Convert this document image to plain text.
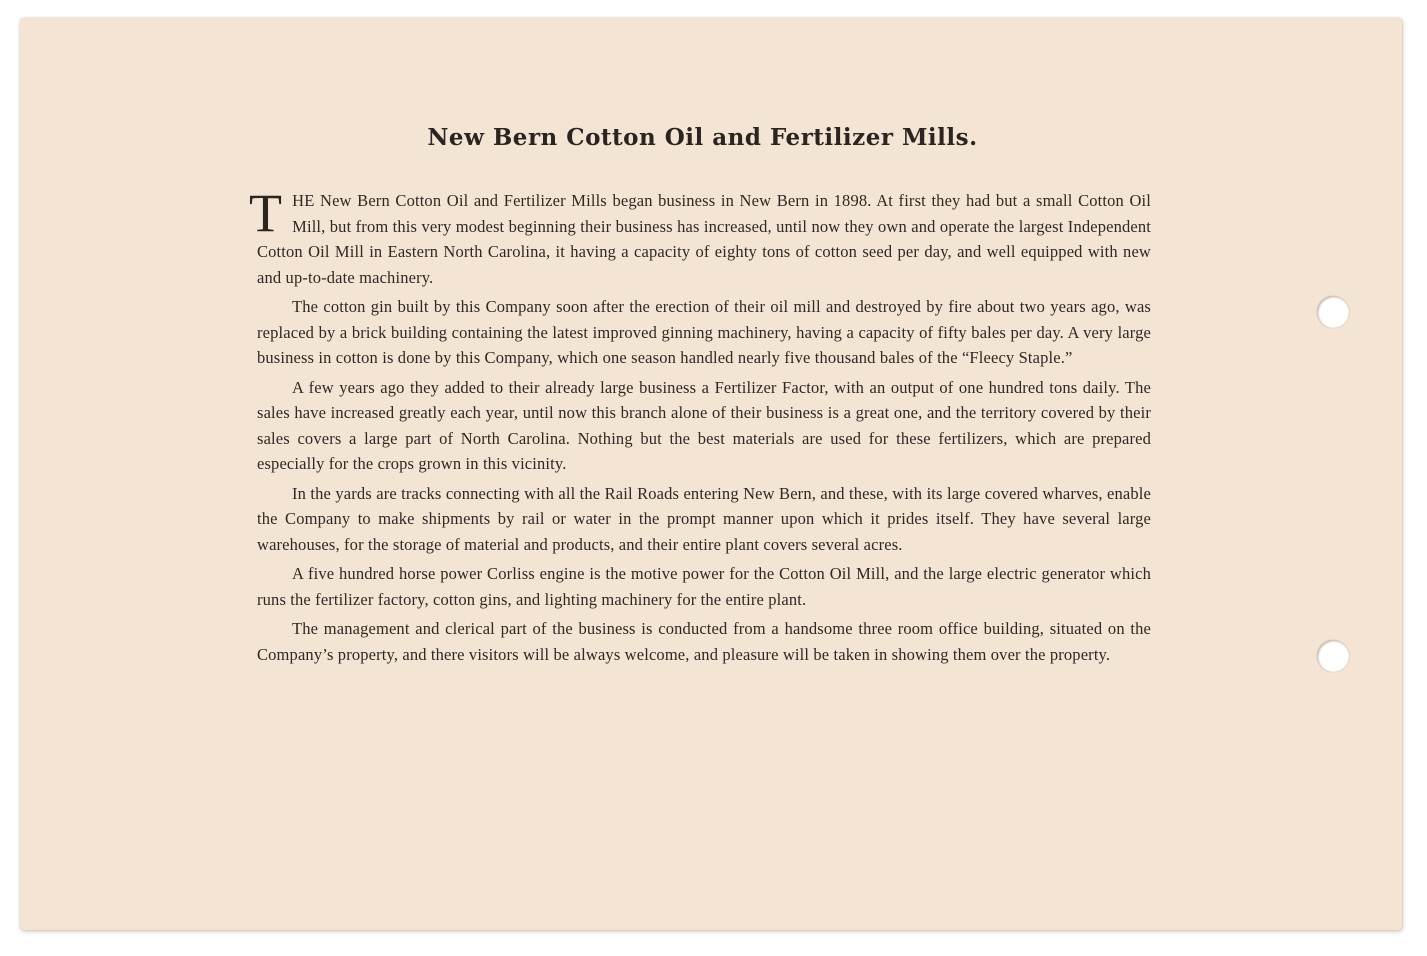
New Bern Cotton Oil and Fertilizer Mills.

THE New Bern Cotton Oil and Fertilizer Mills began business in New Bern in 1898. At first they had but a small Cotton Oil Mill, but from this very modest beginning their business has increased, until now they own and operate the largest Independent Cotton Oil Mill in Eastern North Carolina, it having a capacity of eighty tons of cotton seed per day, and well equipped with new and up-to-date machinery.

The cotton gin built by this Company soon after the erection of their oil mill and destroyed by fire about two years ago, was replaced by a brick building containing the latest improved ginning machinery, having a capacity of fifty bales per day. A very large business in cotton is done by this Company, which one season handled nearly five thousand bales of the “Fleecy Staple.”

A few years ago they added to their already large business a Fertilizer Factor, with an output of one hundred tons daily. The sales have increased greatly each year, until now this branch alone of their business is a great one, and the territory covered by their sales covers a large part of North Carolina. Nothing but the best materials are used for these fertilizers, which are prepared especially for the crops grown in this vicinity.

In the yards are tracks connecting with all the Rail Roads entering New Bern, and these, with its large covered wharves, enable the Company to make shipments by rail or water in the prompt manner upon which it prides itself. They have several large warehouses, for the storage of material and products, and their entire plant covers several acres.

A five hundred horse power Corliss engine is the motive power for the Cotton Oil Mill, and the large electric generator which runs the fertilizer factory, cotton gins, and lighting machinery for the entire plant.

The management and clerical part of the business is conducted from a handsome three room office building, situated on the Company’s property, and there visitors will be always welcome, and pleasure will be taken in showing them over the property.
